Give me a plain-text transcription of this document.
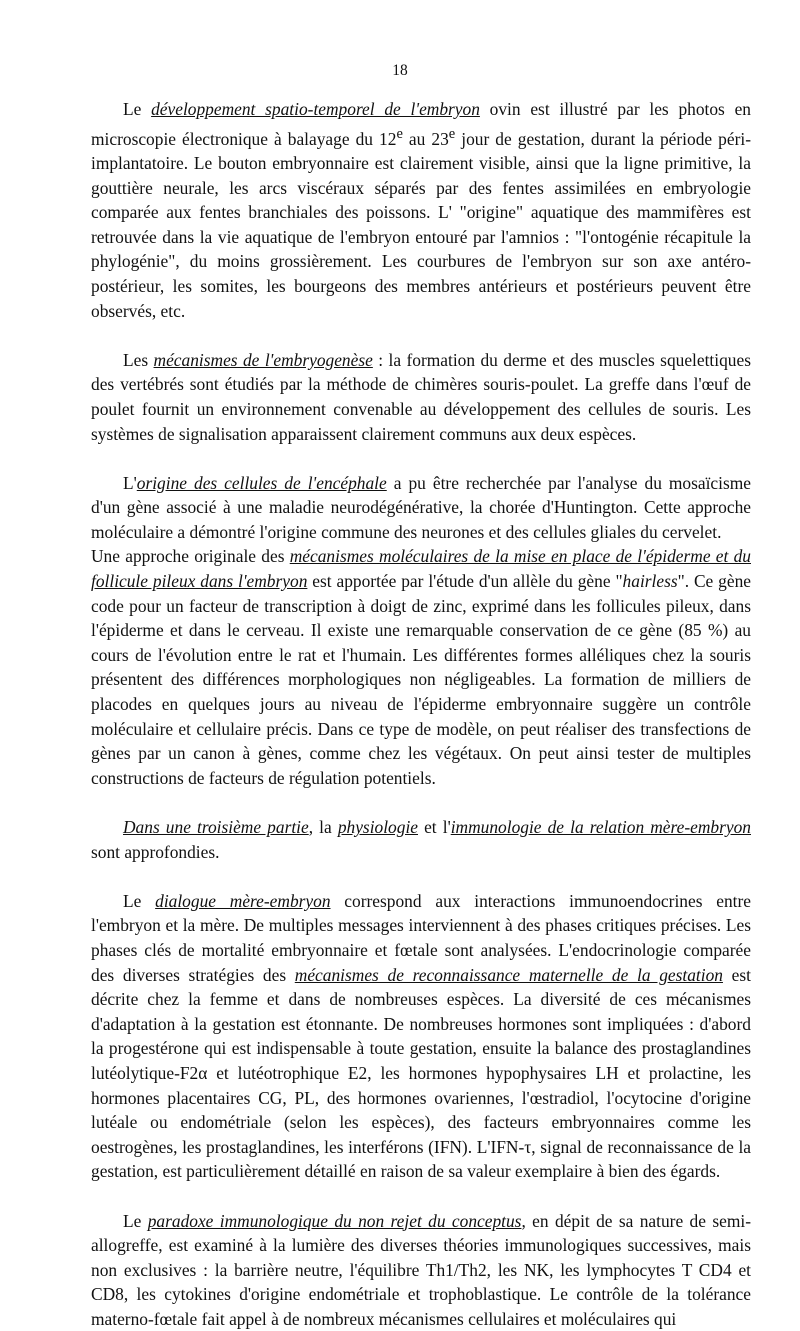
18

Le développement spatio-temporel de l'embryon ovin est illustré par les photos en microscopie électronique à balayage du 12e au 23e jour de gestation, durant la période péri-implantatoire. Le bouton embryonnaire est clairement visible, ainsi que la ligne primitive, la gouttière neurale, les arcs viscéraux séparés par des fentes assimilées en embryologie comparée aux fentes branchiales des poissons. L' "origine" aquatique des mammifères est retrouvée dans la vie aquatique de l'embryon entouré par l'amnios : "l'ontogénie récapitule la phylogénie", du moins grossièrement. Les courbures de l'embryon sur son axe antéro-postérieur, les somites, les bourgeons des membres antérieurs et postérieurs peuvent être observés, etc.

Les mécanismes de l'embryogenèse : la formation du derme et des muscles squelettiques des vertébrés sont étudiés par la méthode de chimères souris-poulet. La greffe dans l'œuf de poulet fournit un environnement convenable au développement des cellules de souris. Les systèmes de signalisation apparaissent clairement communs aux deux espèces.

L'origine des cellules de l'encéphale a pu être recherchée par l'analyse du mosaïcisme d'un gène associé à une maladie neurodégénérative, la chorée d'Huntington. Cette approche moléculaire a démontré l'origine commune des neurones et des cellules gliales du cervelet.

Une approche originale des mécanismes moléculaires de la mise en place de l'épiderme et du follicule pileux dans l'embryon est apportée par l'étude d'un allèle du gène "hairless". Ce gène code pour un facteur de transcription à doigt de zinc, exprimé dans les follicules pileux, dans l'épiderme et dans le cerveau. Il existe une remarquable conservation de ce gène (85 %) au cours de l'évolution entre le rat et l'humain. Les différentes formes alléliques chez la souris présentent des différences morphologiques non négligeables. La formation de milliers de placodes en quelques jours au niveau de l'épiderme embryonnaire suggère un contrôle moléculaire et cellulaire précis. Dans ce type de modèle, on peut réaliser des transfections de gènes par un canon à gènes, comme chez les végétaux. On peut ainsi tester de multiples constructions de facteurs de régulation potentiels.

Dans une troisième partie, la physiologie et l'immunologie de la relation mère-embryon sont approfondies.

Le dialogue mère-embryon correspond aux interactions immunoendocrines entre l'embryon et la mère. De multiples messages interviennent à des phases critiques précises. Les phases clés de mortalité embryonnaire et fœtale sont analysées. L'endocrinologie comparée des diverses stratégies des mécanismes de reconnaissance maternelle de la gestation est décrite chez la femme et dans de nombreuses espèces. La diversité de ces mécanismes d'adaptation à la gestation est étonnante. De nombreuses hormones sont impliquées : d'abord la progestérone qui est indispensable à toute gestation, ensuite la balance des prostaglandines lutéolytique-F2α et lutéotrophique E2, les hormones hypophysaires LH et prolactine, les hormones placentaires CG, PL, des hormones ovariennes, l'œstradiol, l'ocytocine d'origine lutéale ou endométriale (selon les espèces), des facteurs embryonnaires comme les oestrogènes, les prostaglandines, les interférons (IFN). L'IFN-τ, signal de reconnaissance de la gestation, est particulièrement détaillé en raison de sa valeur exemplaire à bien des égards.

Le paradoxe immunologique du non rejet du conceptus, en dépit de sa nature de semi-allogreffe, est examiné à la lumière des diverses théories immunologiques successives, mais non exclusives : la barrière neutre, l'équilibre Th1/Th2, les NK, les lymphocytes T CD4 et CD8, les cytokines d'origine endométriale et trophoblastique. Le contrôle de la tolérance materno-fœtale fait appel à de nombreux mécanismes cellulaires et moléculaires qui
